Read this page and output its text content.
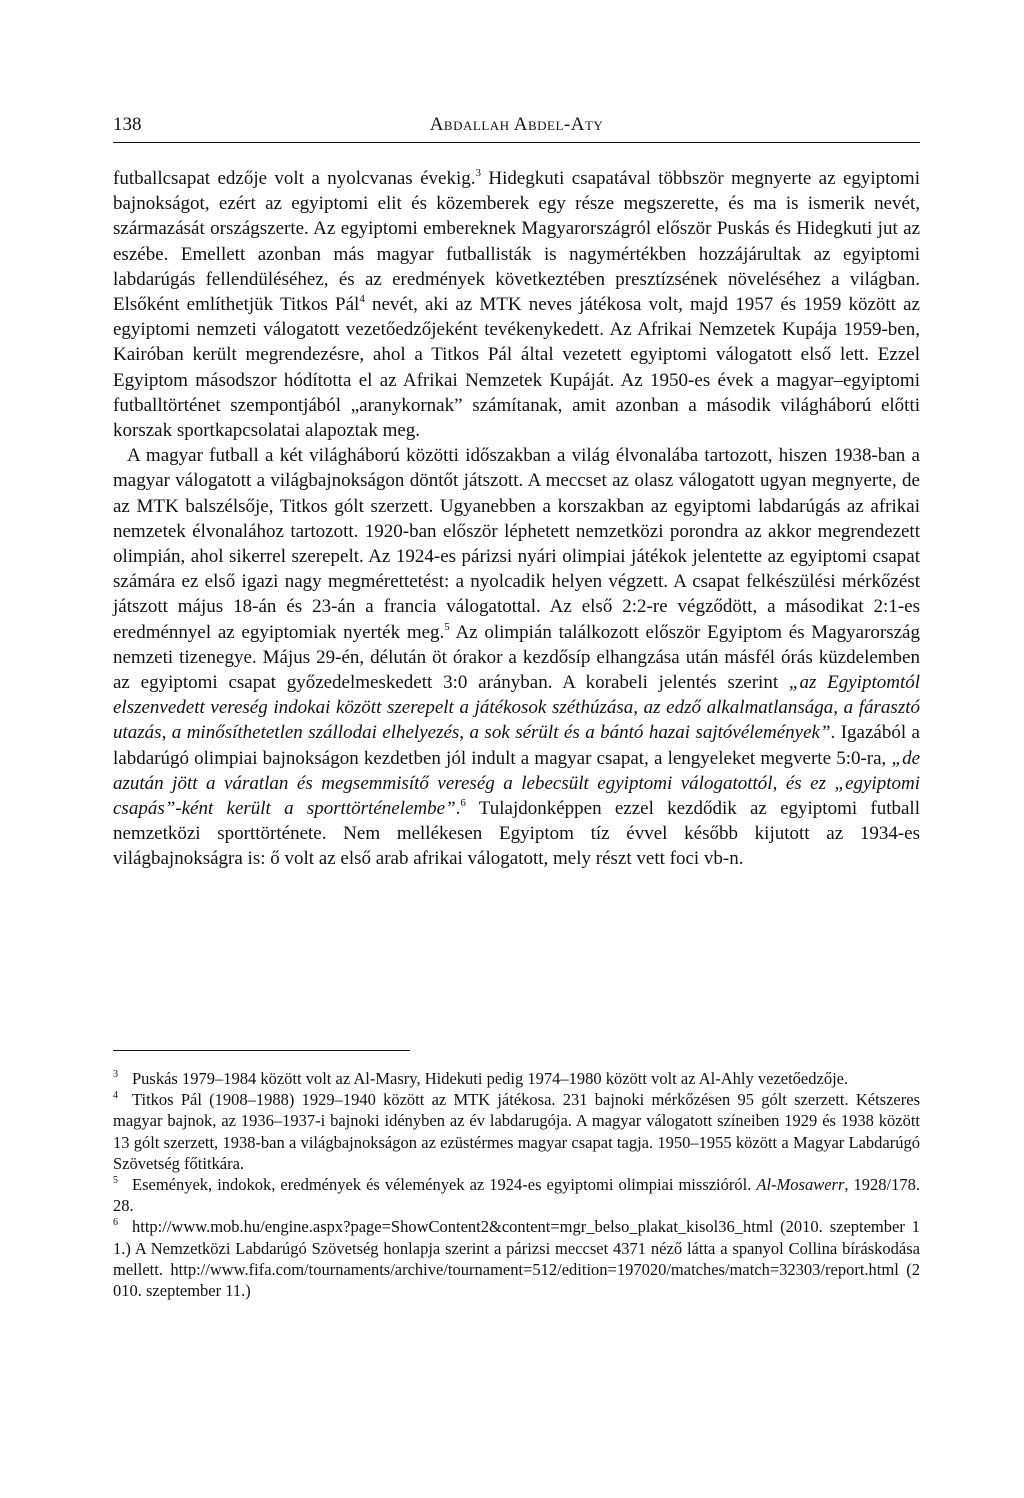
138	Abdallah Abdel-Aty

futballcsapat edzője volt a nyolcvanas évekig.$^3$ Hidegkuti csapatával többször megnyerte az egyiptomi bajnokságot, ezért az egyiptomi elit és közemberek egy része megszerette, és ma is ismerik nevét, származását országszerte. Az egyiptomi embereknek Magyarországról először Puskás és Hidegkuti jut az eszébe. Emellett azonban más magyar futballisták is nagymértékben hozzájárultak az egyiptomi labdarúgás fellendüléséhez, és az eredmények következtében presztízsének növeléséhez a világban. Elsőként említhetjük Titkos Pál$^4$ nevét, aki az MTK neves játékosa volt, majd 1957 és 1959 között az egyiptomi nemzeti válogatott vezetőedzőjeként tevékenykedett. Az Afrikai Nemzetek Kupája 1959-ben, Kairóban került megrendezésre, ahol a Titkos Pál által vezetett egyiptomi válogatott első lett. Ezzel Egyiptom másodszor hódította el az Afrikai Nemzetek Kupáját. Az 1950-es évek a magyar–egyiptomi futballtörténet szempontjából „aranykornak” számítanak, amit azonban a második világháború előtti korszak sportkapcsolatai alapoztak meg.

A magyar futball a két világháború közötti időszakban a világ élvonalába tartozott, hiszen 1938-ban a magyar válogatott a világbajnokságon döntőt játszott. A meccset az olasz válogatott ugyan megnyerte, de az MTK balszélsője, Titkos gólt szerzett. Ugyanebben a korszakban az egyiptomi labdarúgás az afrikai nemzetek élvonalához tartozott. 1920-ban először léphetett nemzetközi porondra az akkor megrendezett olimpián, ahol sikerrel szerepelt. Az 1924-es párizsi nyári olimpiai játékok jelentette az egyiptomi csapat számára ez első igazi nagy megmérettetést: a nyolcadik helyen végzett. A csapat felkészülési mérkőzést játszott május 18-án és 23-án a francia válogatottal. Az első 2:2-re végződött, a másodikat 2:1-es eredménnyel az egyiptomiak nyerték meg.$^5$ Az olimpián találkozott először Egyiptom és Magyarország nemzeti tizenegye. Május 29-én, délután öt órakor a kezdősíp elhangzása után másfél órás küzdelemben az egyiptomi csapat győzedelmeskedett 3:0 arányban. A korabeli jelentés szerint „az Egyiptomtól elszenvedett vereség indokai között szerepelt a játékosok széthúzása, az edző alkalmatlansága, a fárasztó utazás, a minősíthetetlen szállodai elhelyezés, a sok sérült és a bántó hazai sajtóvélemények”. Igazából a labdarúgó olimpiai bajnokságon kezdetben jól indult a magyar csapat, a lengyeleket megverte 5:0-ra, „de azután jött a váratlan és megsemmisítő vereség a lebecsült egyiptomi válogatottól, és ez „egyiptomi csapás”-ként került a sporttörténelembe”.$^6$ Tulajdonképpen ezzel kezdődik az egyiptomi futball nemzetközi sporttörténete. Nem mellékesen Egyiptom tíz évvel később kijutott az 1934-es világbajnokságra is: ő volt az első arab afrikai válogatott, mely részt vett foci vb-n.

$^3$ Puskás 1979–1984 között volt az Al-Masry, Hidekuti pedig 1974–1980 között volt az Al-Ahly vezetőedzője.

$^4$ Titkos Pál (1908–1988) 1929–1940 között az MTK játékosa. 231 bajnoki mérkőzésen 95 gólt szerzett. Kétszeres magyar bajnok, az 1936–1937-i bajnoki idényben az év labdarugója. A magyar válogatott színeiben 1929 és 1938 között 13 gólt szerzett, 1938-ban a világbajnokságon az ezüstérmes magyar csapat tagja. 1950–1955 között a Magyar Labdarúgó Szövetség főtitkára.

$^5$ Események, indokok, eredmények és vélemények az 1924-es egyiptomi olimpiai misszióról. Al-Mosawerr, 1928/178. 28.

$^6$ http://www.mob.hu/engine.aspx?page=ShowContent2&content=mgr_belso_plakat_kisol36_html (2010. szeptember 11.) A Nemzetközi Labdarúgó Szövetség honlapja szerint a párizsi meccset 4371 néző látta a spanyol Collina bíráskodása mellett. http://www.fifa.com/tournaments/archive/tournament=512/edition=197020/matches/match=32303/report.html (2010. szeptember 11.)
